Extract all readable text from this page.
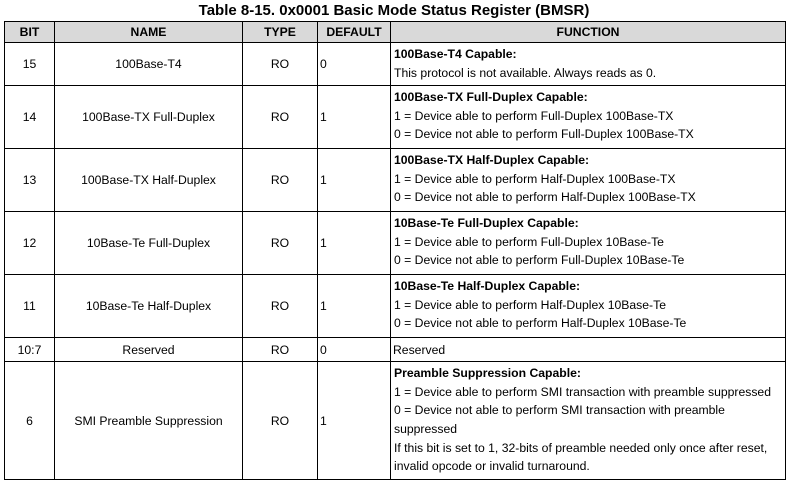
Table 8-15. 0x0001 Basic Mode Status Register (BMSR)
BIT	NAME	TYPE	DEFAULT	FUNCTION
15	100Base-T4	RO	0	100Base-T4 Capable:
This protocol is not available. Always reads as 0.

14	100Base-TX Full-Duplex	RO	1	100Base-TX Full-Duplex Capable:
1 = Device able to perform Full-Duplex 100Base-TX
0 = Device not able to perform Full-Duplex 100Base-TX

13	100Base-TX Half-Duplex	RO	1	100Base-TX Half-Duplex Capable:
1 = Device able to perform Half-Duplex 100Base-TX
0 = Device not able to perform Half-Duplex 100Base-TX

12	10Base-Te Full-Duplex	RO	1	10Base-Te Full-Duplex Capable:
1 = Device able to perform Full-Duplex 10Base-Te
0 = Device not able to perform Full-Duplex 10Base-Te

11	10Base-Te Half-Duplex	RO	1	10Base-Te Half-Duplex Capable:
1 = Device able to perform Half-Duplex 10Base-Te
0 = Device not able to perform Half-Duplex 10Base-Te

10:7	Reserved	RO	0	Reserved
6	SMI Preamble Suppression	RO	1	Preamble Suppression Capable:
1 = Device able to perform SMI transaction with preamble suppressed
0 = Device not able to perform SMI transaction with preamble suppressed
If this bit is set to 1, 32-bits of preamble needed only once after reset, invalid opcode or invalid turnaround.
